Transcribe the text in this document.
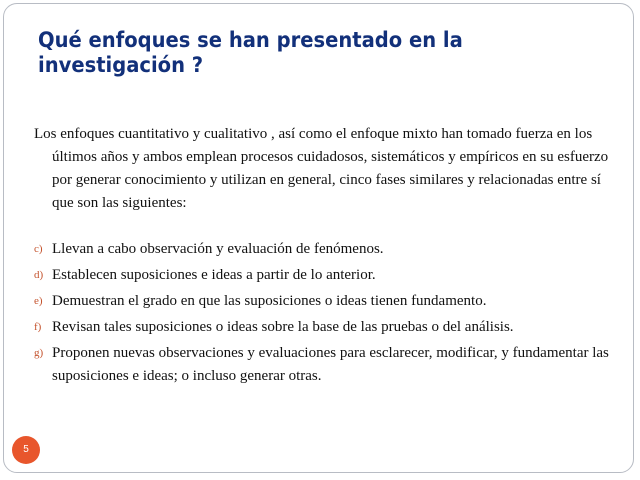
Qué enfoques se han presentado en la investigación ?

Los enfoques cuantitativo y cualitativo , así como el enfoque mixto han tomado fuerza en los últimos años y ambos emplean procesos cuidadosos, sistemáticos y empíricos en su esfuerzo por generar conocimiento y utilizan en general, cinco fases similares y relacionadas entre sí que son las siguientes:

c) Llevan a cabo observación y evaluación de fenómenos.
d) Establecen suposiciones e ideas a partir de lo anterior.
e) Demuestran el grado en que las suposiciones o ideas tienen fundamento.
f) Revisan tales suposiciones o ideas sobre la base de las pruebas o del análisis.
g) Proponen nuevas observaciones y evaluaciones para esclarecer, modificar, y fundamentar las suposiciones e ideas; o incluso generar otras.
5
